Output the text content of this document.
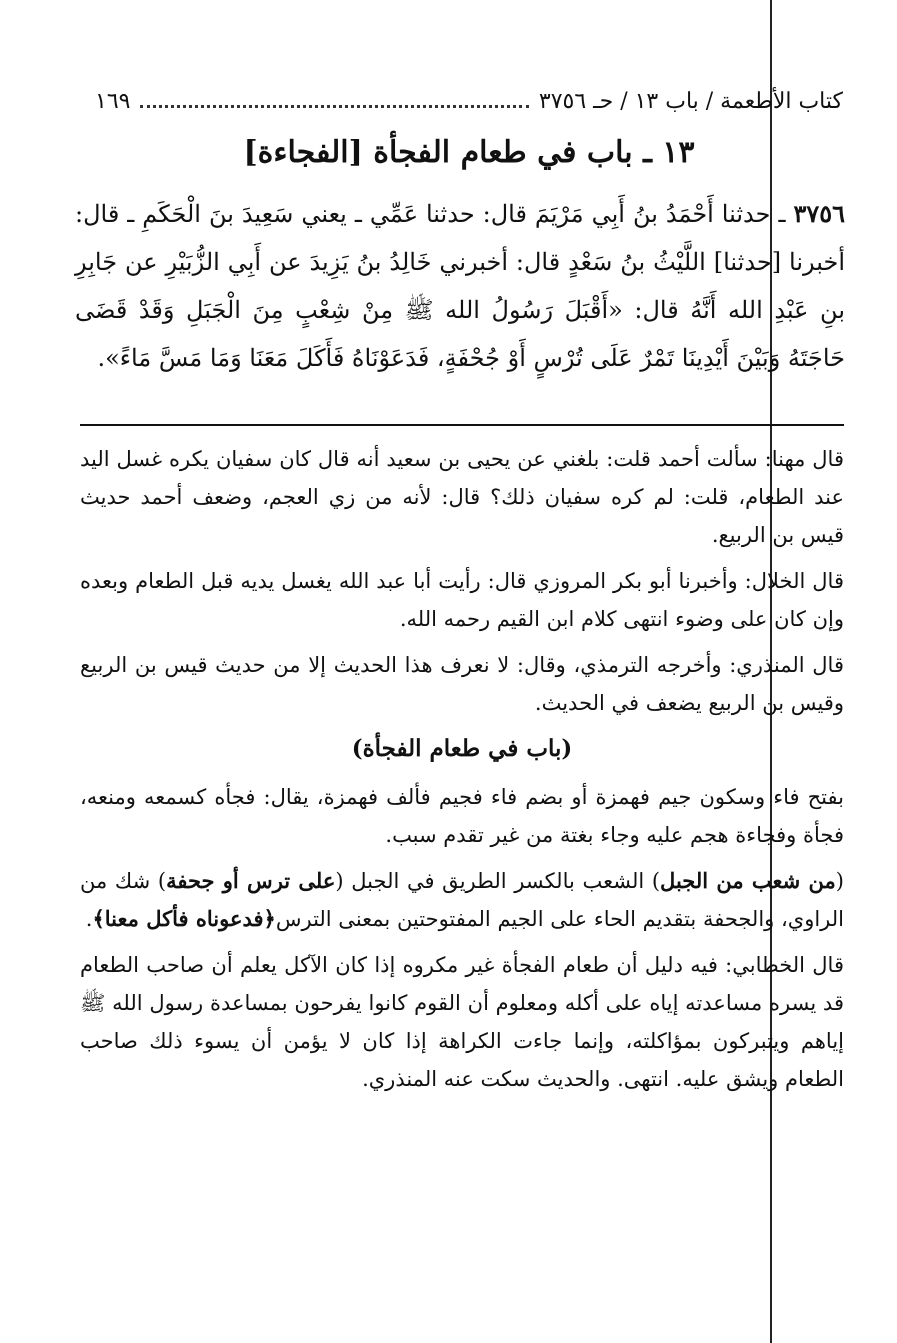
كتاب الأطعمة / باب ١٣ / حـ ٣٧٥٦
١٦٩
١٣ ـ باب في طعام الفجأة [الفجاءة]
٣٧٥٦ ـ حدثنا أَحْمَدُ بنُ أَبِي مَرْيَمَ قال: حدثنا عَمِّي ـ يعني سَعِيدَ بنَ الْحَكَمِ ـ قال: أخبرنا [حدثنا] اللَّيْثُ بنُ سَعْدٍ قال: أخبرني خَالِدُ بنُ يَزِيدَ عن أَبِي الزُّبَيْرِ عن جَابِرِ بنِ عَبْدِ الله أَنَّهُ قال: «أَقْبَلَ رَسُولُ الله ﷺ مِنْ شِعْبٍ مِنَ الْجَبَلِ وَقَدْ قَضَى حَاجَتَهُ وَبَيْنَ أَيْدِينَا تَمْرٌ عَلَى تُرْسٍ أَوْ جُحْفَةٍ، فَدَعَوْنَاهُ فَأَكَلَ مَعَنَا وَمَا مَسَّ مَاءً».

قال مهنا: سألت أحمد قلت: بلغني عن يحيى بن سعيد أنه قال كان سفيان يكره غسل اليد عند الطعام، قلت: لم كره سفيان ذلك؟ قال: لأنه من زي العجم، وضعف أحمد حديث قيس بن الربيع.

قال الخلال: وأخبرنا أبو بكر المروزي قال: رأيت أبا عبد الله يغسل يديه قبل الطعام وبعده وإن كان على وضوء انتهى كلام ابن القيم رحمه الله.

قال المنذري: وأخرجه الترمذي، وقال: لا نعرف هذا الحديث إلا من حديث قيس بن الربيع وقيس بن الربيع يضعف في الحديث.

(باب في طعام الفجأة)

بفتح فاء وسكون جيم فهمزة أو بضم فاء فجيم فألف فهمزة، يقال: فجأه كسمعه ومنعه، فجأة وفجاءة هجم عليه وجاء بغتة من غير تقدم سبب.

(من شعب من الجبل) الشعب بالكسر الطريق في الجبل (على ترس أو جحفة) شك من الراوي، والجحفة بتقديم الحاء على الجيم المفتوحتين بمعنى الترس﴿فدعوناه فأكل معنا﴾.

قال الخطابي: فيه دليل أن طعام الفجأة غير مكروه إذا كان الآكل يعلم أن صاحب الطعام قد يسره مساعدته إياه على أكله ومعلوم أن القوم كانوا يفرحون بمساعدة رسول الله ﷺ إياهم ويتبركون بمؤاكلته، وإنما جاءت الكراهة إذا كان لا يؤمن أن يسوء ذلك صاحب الطعام ويشق عليه. انتهى. والحديث سكت عنه المنذري.
